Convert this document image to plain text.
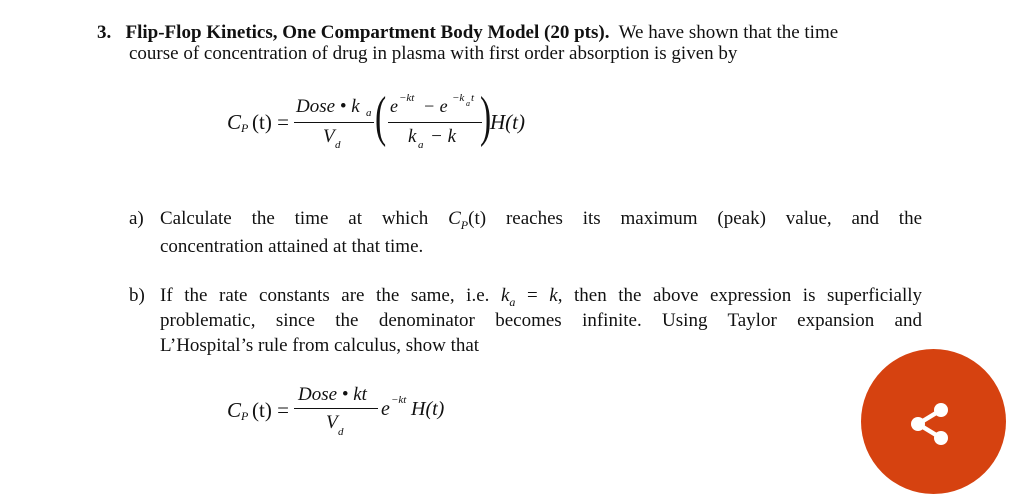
3. Flip-Flop Kinetics, One Compartment Body Model (20 pts). We have shown that the time
course of concentration of drug in plasma with first order absorption is given by
C P (t) =
Dose • k a
V d ( e −kt − e −k a t
k a − k )
H(t)
a) Calculate the time at which $C_P(t)$ reaches its maximum (peak) value, and the
concentration attained at that time.
b) If the rate constants are the same, i.e. $k_a = k$, then the above expression is superficially
problematic, since the denominator becomes infinite. Using Taylor expansion and
L’Hospital’s rule from calculus, show that
C P (t) =
Dose • kt
V d
e −kt H(t)
